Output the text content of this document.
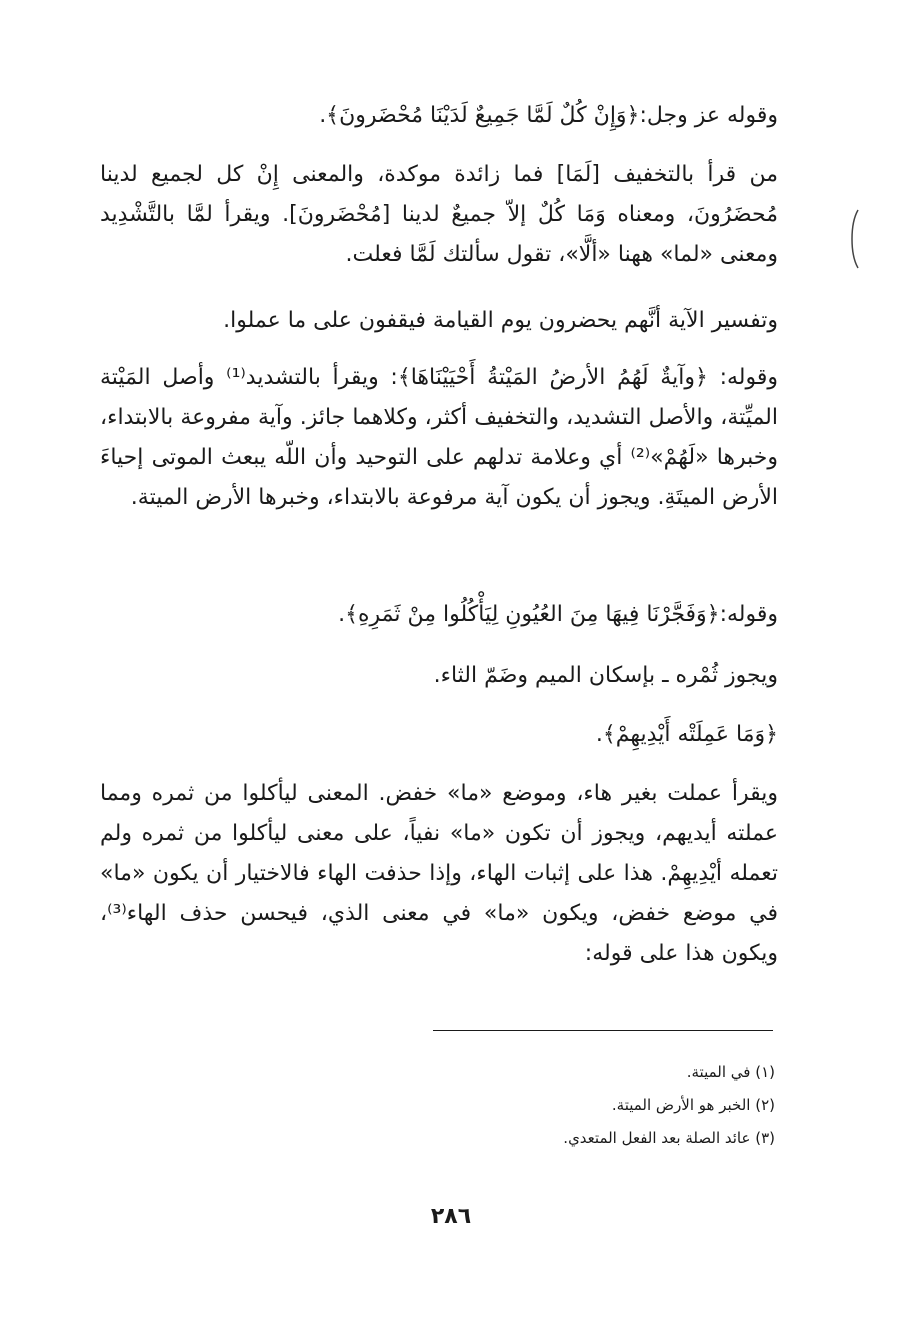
وقوله عز وجل:﴿وَإِنْ كُلٌ لَمَّا جَمِيعٌ لَدَيْنَا مُحْضَرونَ﴾.

من قرأ بالتخفيف [لَمَا] فما زائدة موكدة، والمعنى إِنْ كل لجميع لدينا مُحضَرُونَ، ومعناه وَمَا كُلٌ إلاّ جميعٌ لدينا [مُحْضَرونَ]. ويقرأ لمَّا بالتَّشْدِيد ومعنى «لما» ههنا «ألَّا»، تقول سألتك لَمَّا فعلت.

وتفسير الآية أنَّهم يحضرون يوم القيامة فيقفون على ما عملوا.

وقوله: ﴿وآيةٌ لَهُمُ الأرضُ المَيْتةُ أَحْيَيْنَاهَا﴾: ويقرأ بالتشديد⁽¹⁾ وأصل المَيْتة الميِّتة، والأصل التشديد، والتخفيف أكثر، وكلاهما جائز. وآية مفروعة بالابتداء، وخبرها «لَهُمْ»⁽²⁾ أي وعلامة تدلهم على التوحيد وأن اللّه يبعث الموتى إحياءَ الأرض الميتَةِ. ويجوز أن يكون آية مرفوعة بالابتداء، وخبرها الأرض الميتة.

وقوله:﴿وَفَجَّرْنَا فِيهَا مِنَ العُيُونِ لِيَأْكُلُوا مِنْ ثَمَرِهِ﴾.

ويجوز ثُمْره ـ بإسكان الميم وضَمّ الثاء.

﴿وَمَا عَمِلَتْه أَيْدِيهِمْ﴾.

ويقرأ عملت بغير هاء، وموضع «ما» خفض. المعنى ليأكلوا من ثمره ومما عملته أيديهم، ويجوز أن تكون «ما» نفياً، على معنى ليأكلوا من ثمره ولم تعمله أيْدِيهِمْ. هذا على إثبات الهاء، وإذا حذفت الهاء فالاختيار أن يكون «ما» في موضع خفض، ويكون «ما» في معنى الذي، فيحسن حذف الهاء⁽³⁾، ويكون هذا على قوله:

(١) في الميتة.

(٢) الخبر هو الأرض الميتة.

(٣) عائد الصلة بعد الفعل المتعدي.

٢٨٦
